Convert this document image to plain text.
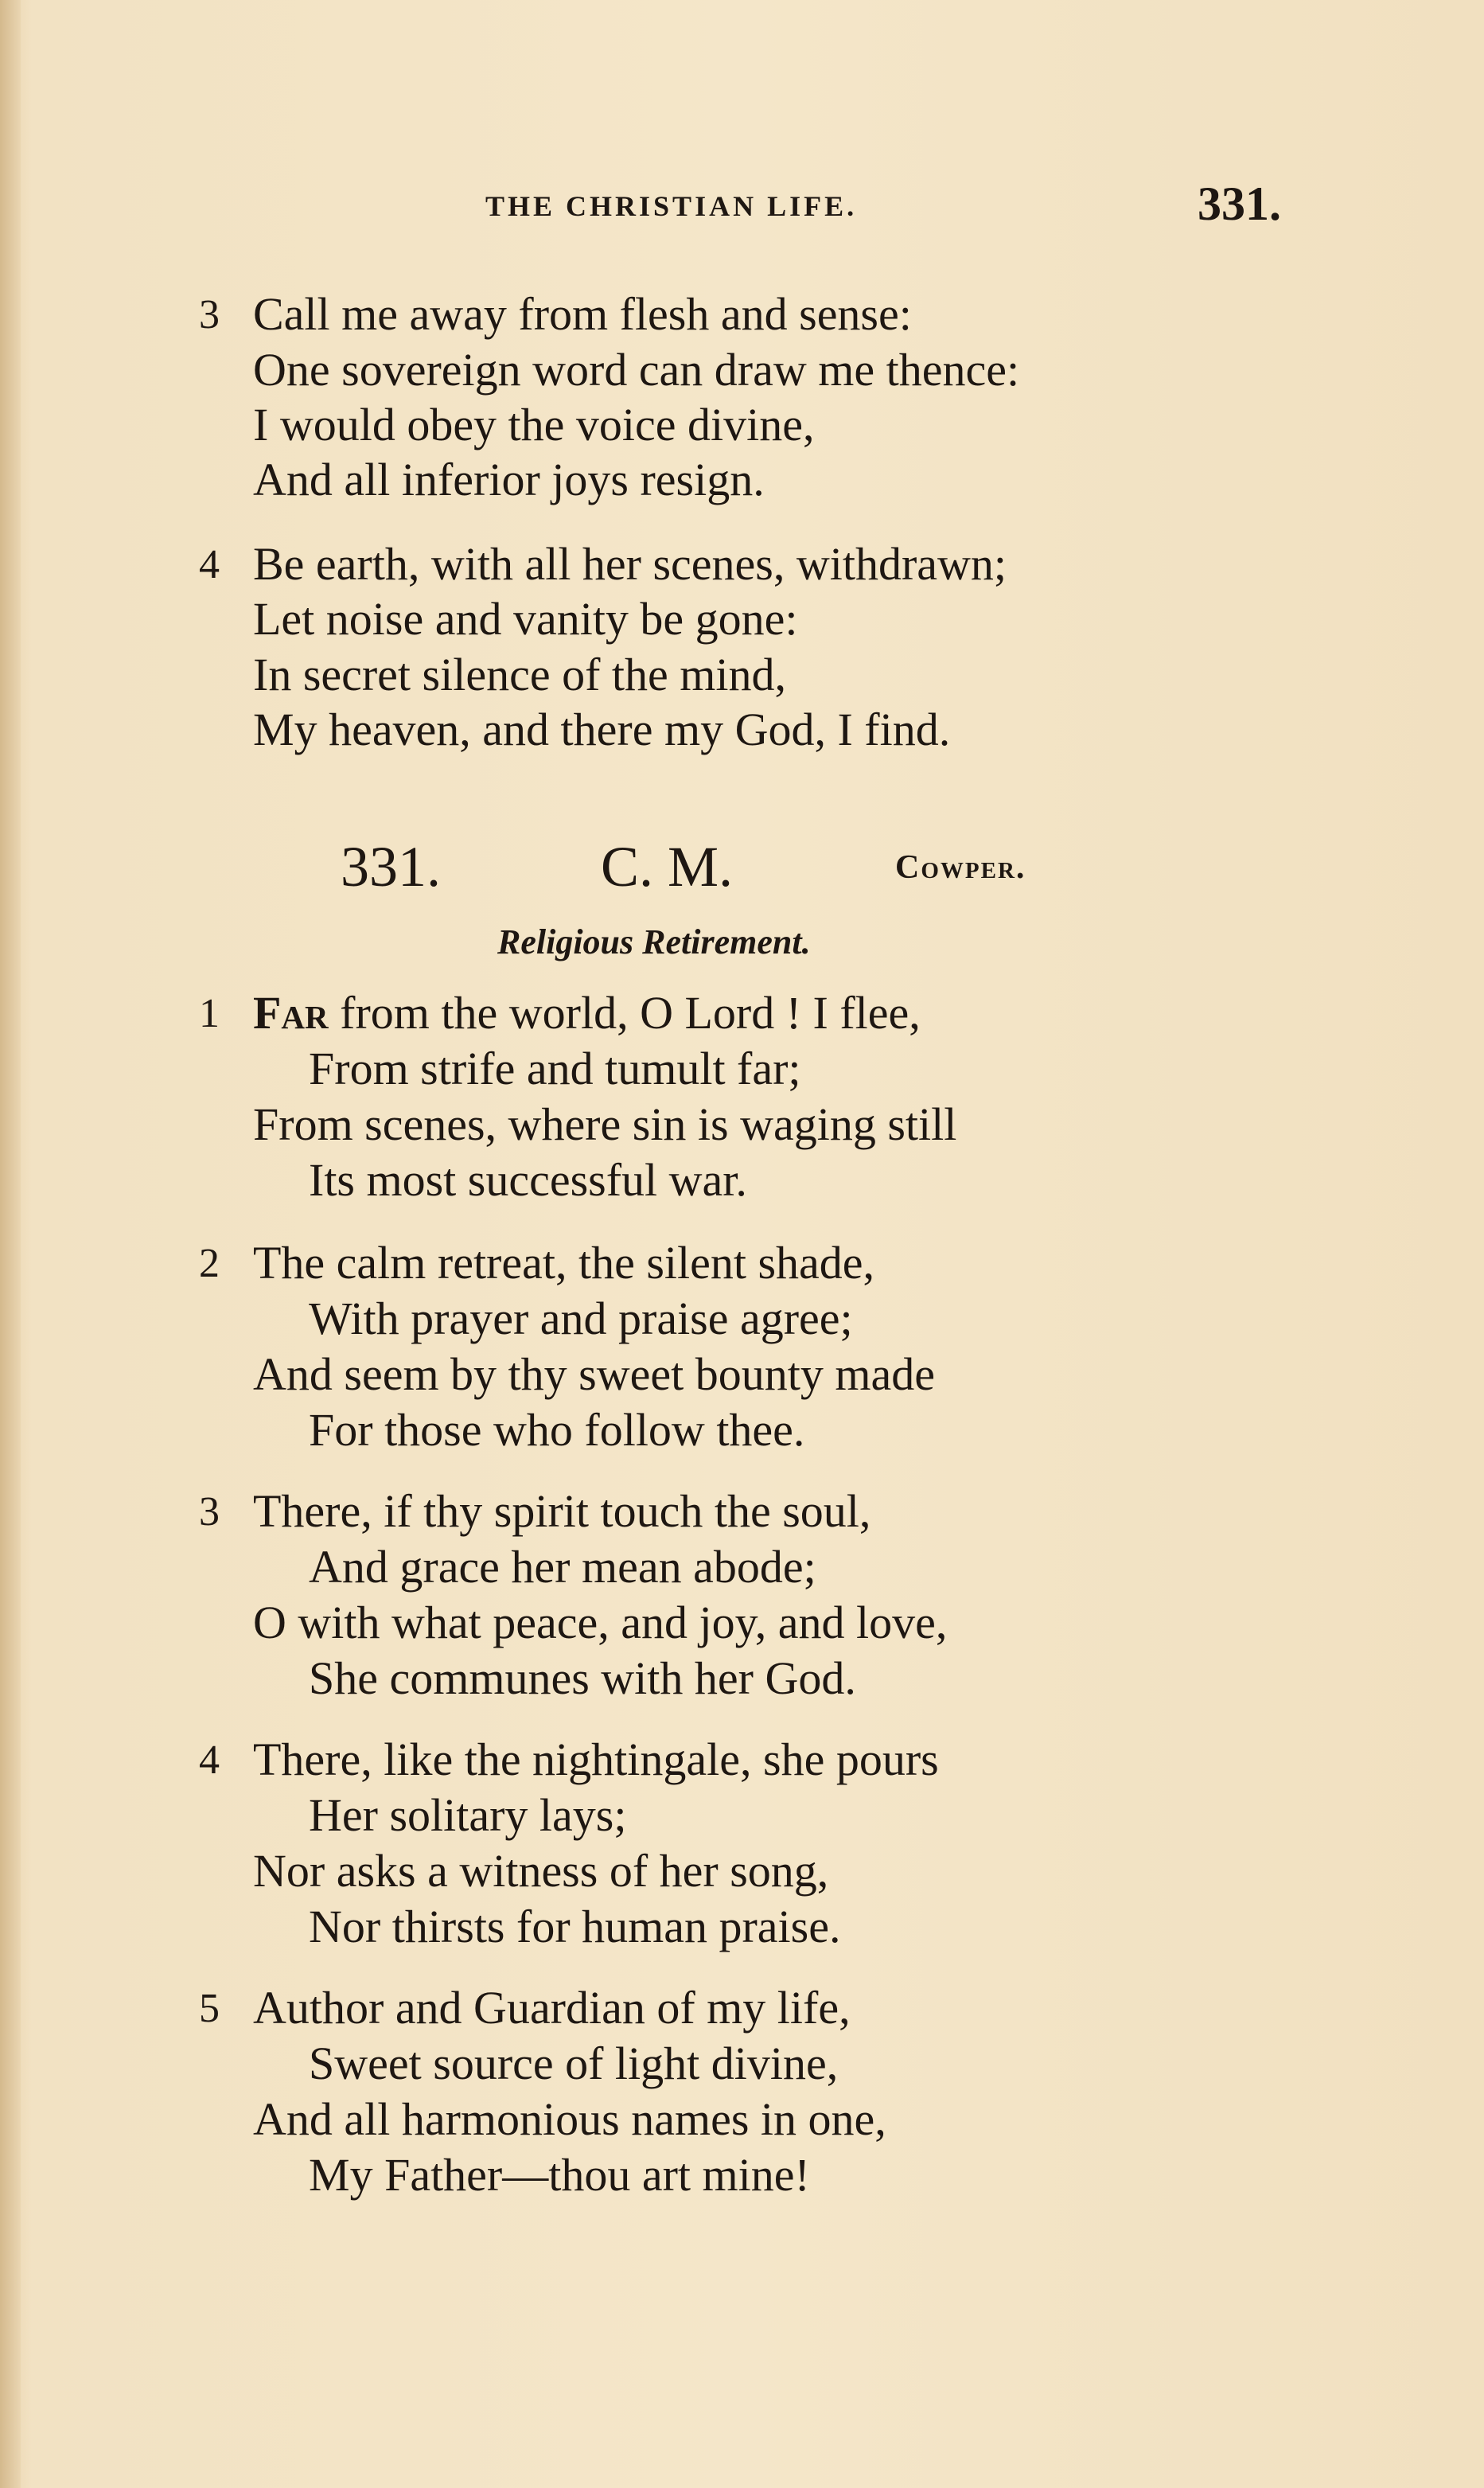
THE CHRISTIAN LIFE.	331.
3 Call me away from flesh and sense:
One sovereign word can draw me thence:
I would obey the voice divine,
And all inferior joys resign.
4 Be earth, with all her scenes, withdrawn;
Let noise and vanity be gone:
In secret silence of the mind,
My heaven, and there my God, I find.
331.	C. M.	Cowper.
Religious Retirement.
1 Far from the world, O Lord ! I flee,
From strife and tumult far;
From scenes, where sin is waging still
Its most successful war.
2 The calm retreat, the silent shade,
With prayer and praise agree;
And seem by thy sweet bounty made
For those who follow thee.
3 There, if thy spirit touch the soul,
And grace her mean abode;
O with what peace, and joy, and love,
She communes with her God.
4 There, like the nightingale, she pours
Her solitary lays;
Nor asks a witness of her song,
Nor thirsts for human praise.
5 Author and Guardian of my life,
Sweet source of light divine,
And all harmonious names in one,
My Father—thou art mine!
